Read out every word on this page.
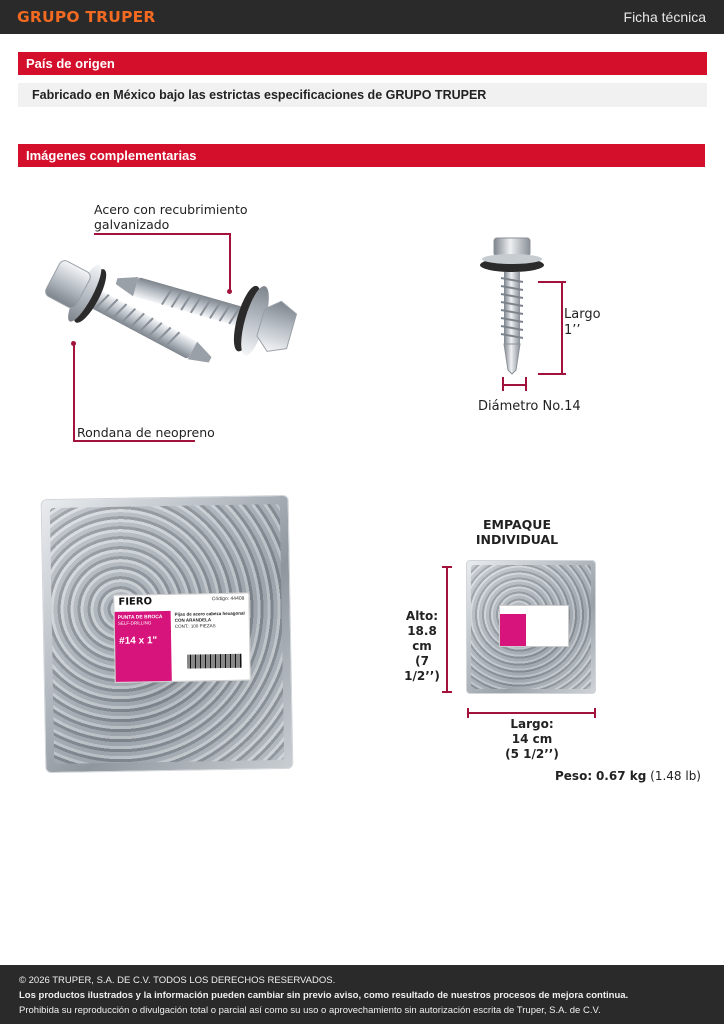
GRUPO TRUPER	Ficha técnica
País de origen
Fabricado en México bajo las estrictas especificaciones de GRUPO TRUPER
Imágenes complementarias
Acero con recubrimiento
galvanizado
Rondana de neopreno
Largo
1’’
Diámetro No.14
FIERO	Código: 44408
PUNTA DE BROCA
SELF-DRILLING
#14 x 1"
Pijas de acero cabeza hexagonal
CON ARANDELA
CONT.: 100 PIEZAS
EMPAQUE INDIVIDUAL
Alto:
18.8 cm
(7 1/2’’)
Largo:
14 cm
(5 1/2’’)
Peso: 0.67 kg (1.48 lb)
© 2026 TRUPER, S.A. DE C.V. TODOS LOS DERECHOS RESERVADOS.
Los productos ilustrados y la información pueden cambiar sin previo aviso, como resultado de nuestros procesos de mejora continua.
Prohibida su reproducción o divulgación total o parcial así como su uso o aprovechamiento sin autorización escrita de Truper, S.A. de C.V.
